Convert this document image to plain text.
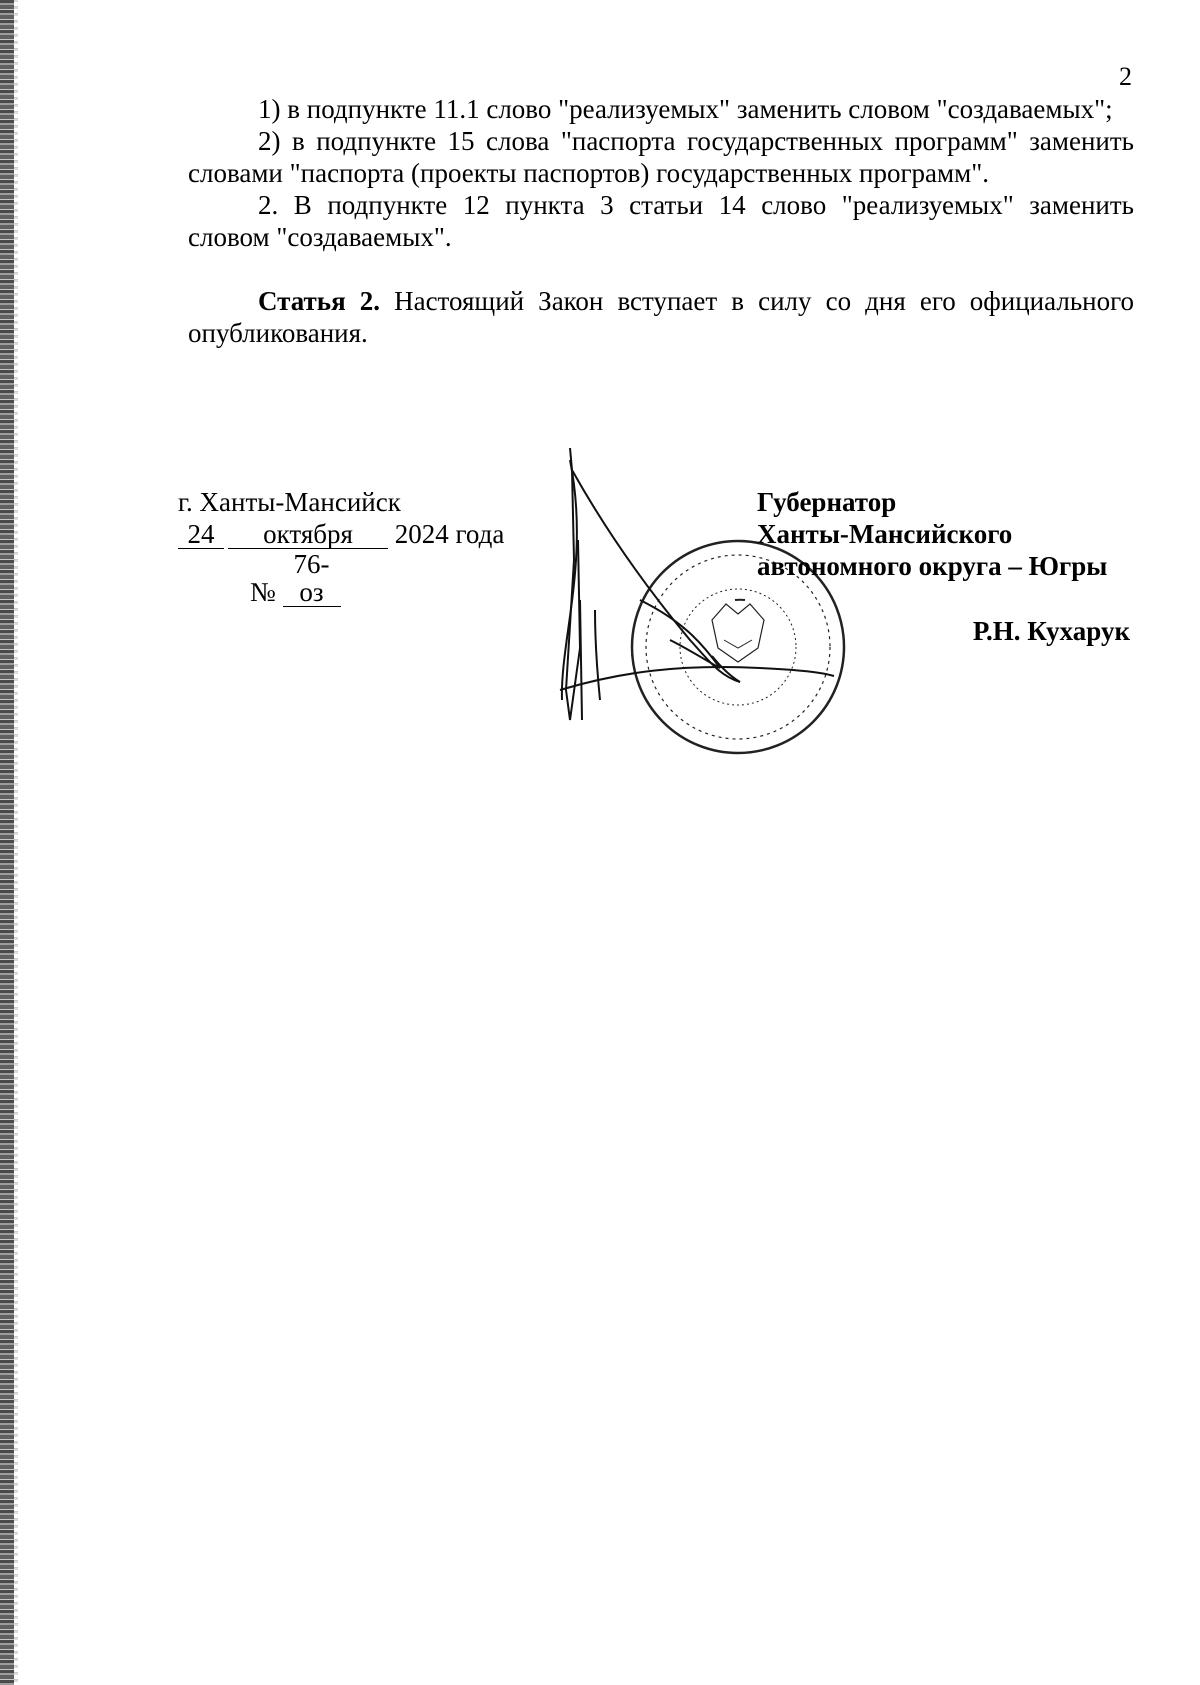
2

1) в подпункте 11.1 слово "реализуемых" заменить словом "создаваемых";

2) в подпункте 15 слова "паспорта государственных программ" заменить словами "паспорта (проекты паспортов) государственных программ".

2. В подпункте 12 пункта 3 статьи 14 слово "реализуемых" заменить словом "создаваемых".

Статья 2. Настоящий Закон вступает в силу со дня его официального опубликования.

г. Ханты-Мансийск
24 октября 2024 года
№ 76-оз
Губернатор
Ханты-Мансийского
автономного округа – Югры
Р.Н. Кухарук
